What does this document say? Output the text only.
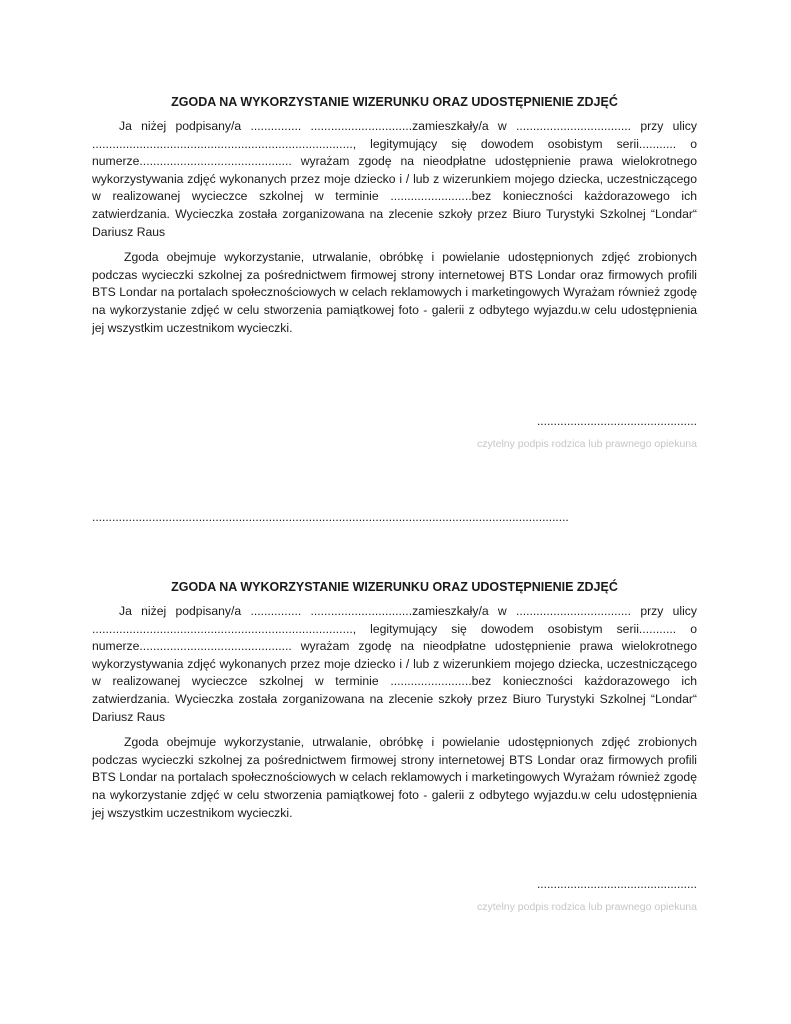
ZGODA NA WYKORZYSTANIE WIZERUNKU ORAZ UDOSTĘPNIENIE ZDJĘĆ

Ja niżej podpisany/a ............... ..............................zamieszkały/a w .................................. przy ulicy ............................................................................., legitymujący się dowodem osobistym serii........... o numerze............................................. wyrażam zgodę na nieodpłatne udostępnienie prawa wielokrotnego wykorzystywania zdjęć wykonanych przez moje dziecko i / lub z wizerunkiem mojego dziecka, uczestniczącego w realizowanej wycieczce szkolnej w terminie ........................bez konieczności każdorazowego ich zatwierdzania. Wycieczka została zorganizowana na zlecenie szkoły przez Biuro Turystyki Szkolnej “Londar“ Dariusz Raus

Zgoda obejmuje wykorzystanie, utrwalanie, obróbkę i powielanie udostępnionych zdjęć zrobionych podczas wycieczki szkolnej za pośrednictwem firmowej strony internetowej BTS Londar oraz firmowych profili BTS Londar na portalach społecznościowych w celach reklamowych i marketingowych Wyrażam również zgodę na wykorzystanie zdjęć w celu stworzenia pamiątkowej foto - galerii z odbytego wyjazdu.w celu udostępnienia jej wszystkim uczestnikom wycieczki.

................................................
czytelny podpis rodzica lub prawnego opiekuna
...............................................................................................................................................
ZGODA NA WYKORZYSTANIE WIZERUNKU ORAZ UDOSTĘPNIENIE ZDJĘĆ

Ja niżej podpisany/a ............... ..............................zamieszkały/a w .................................. przy ulicy ............................................................................., legitymujący się dowodem osobistym serii........... o numerze............................................. wyrażam zgodę na nieodpłatne udostępnienie prawa wielokrotnego wykorzystywania zdjęć wykonanych przez moje dziecko i / lub z wizerunkiem mojego dziecka, uczestniczącego w realizowanej wycieczce szkolnej w terminie ........................bez konieczności każdorazowego ich zatwierdzania. Wycieczka została zorganizowana na zlecenie szkoły przez Biuro Turystyki Szkolnej “Londar“ Dariusz Raus

Zgoda obejmuje wykorzystanie, utrwalanie, obróbkę i powielanie udostępnionych zdjęć zrobionych podczas wycieczki szkolnej za pośrednictwem firmowej strony internetowej BTS Londar oraz firmowych profili BTS Londar na portalach społecznościowych w celach reklamowych i marketingowych Wyrażam również zgodę na wykorzystanie zdjęć w celu stworzenia pamiątkowej foto - galerii z odbytego wyjazdu.w celu udostępnienia jej wszystkim uczestnikom wycieczki.

................................................
czytelny podpis rodzica lub prawnego opiekuna
